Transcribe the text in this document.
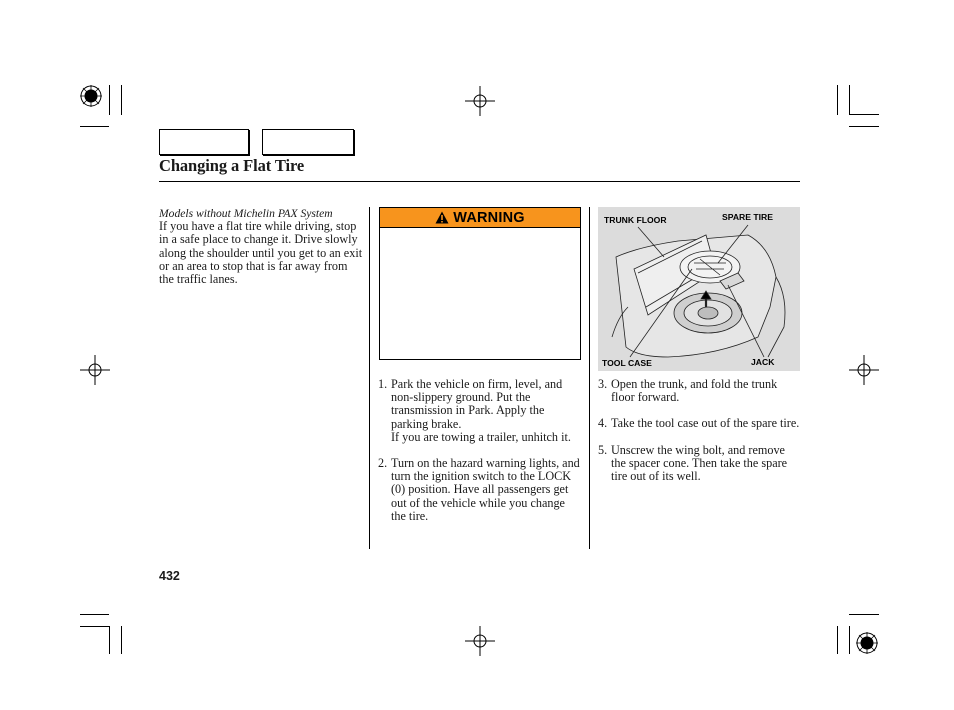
Changing a Flat Tire
Models without Michelin PAX System
If you have a flat tire while driving, stop in a safe place to change it. Drive slowly along the shoulder until you get to an exit or an area to stop that is far away from the traffic lanes.
WARNING	TRUNK FLOOR	SPARE TIRE
TOOL CASE	JACK
1. Park the vehicle on firm, level, and non-slippery ground. Put the transmission in Park. Apply the parking brake.
If you are towing a trailer, unhitch it.
2. Turn on the hazard warning lights, and turn the ignition switch to the LOCK (0) position. Have all passengers get out of the vehicle while you change the tire.
3. Open the trunk, and fold the trunk floor forward.
4. Take the tool case out of the spare tire.
5. Unscrew the wing bolt, and remove the spacer cone. Then take the spare tire out of its well.
432
